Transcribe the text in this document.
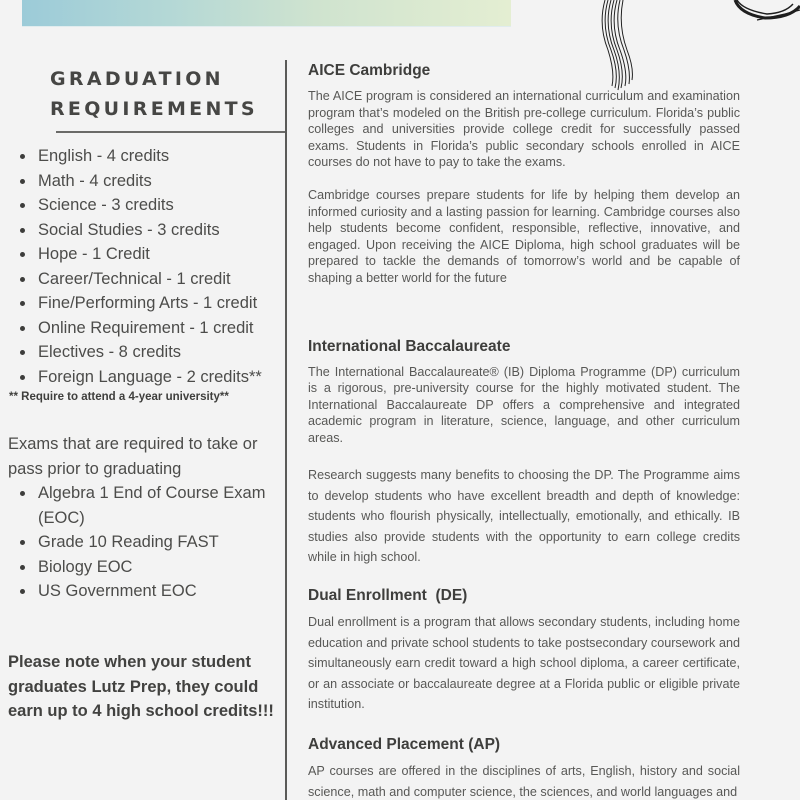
GRADUATION
REQUIREMENTS
English - 4 credits
Math - 4 credits
Science - 3 credits
Social Studies - 3 credits
Hope - 1 Credit
Career/Technical - 1 credit
Fine/Performing Arts - 1 credit
Online Requirement - 1 credit
Electives - 8 credits
Foreign Language - 2 credits**
** Require to attend a 4-year university**
Exams that are required to take or pass prior to graduating
Algebra 1 End of Course Exam (EOC)
Grade 10 Reading FAST
Biology EOC
US Government EOC
Please note when your student graduates Lutz Prep, they could earn up to 4 high school credits!!!
AICE Cambridge

The AICE program is considered an international curriculum and examination program that’s modeled on the British pre-college curriculum. Florida’s public colleges and universities provide college credit for successfully passed exams. Students in Florida’s public secondary schools enrolled in AICE courses do not have to pay to take the exams.

Cambridge courses prepare students for life by helping them develop an informed curiosity and a lasting passion for learning. Cambridge courses also help students become confident, responsible, reflective, innovative, and engaged. Upon receiving the AICE Diploma, high school graduates will be prepared to tackle the demands of tomorrow’s world and be capable of shaping a better world for the future

International Baccalaureate

The International Baccalaureate® (IB) Diploma Programme (DP) curriculum is a rigorous, pre-university course for the highly motivated student. The International Baccalaureate DP offers a comprehensive and integrated academic program in literature, science, language, and other curriculum areas.

Research suggests many benefits to choosing the DP. The Programme aims to develop students who have excellent breadth and depth of knowledge: students who flourish physically, intellectually, emotionally, and ethically. IB studies also provide students with the opportunity to earn college credits while in high school.

Dual Enrollment  (DE)

Dual enrollment is a program that allows secondary students, including home education and private school students to take postsecondary coursework and simultaneously earn credit toward a high school diploma, a career certificate, or an associate or baccalaureate degree at a Florida public or eligible private institution.

Advanced Placement (AP)

AP courses are offered in the disciplines of arts, English, history and social science, math and computer science, the sciences, and world languages and
